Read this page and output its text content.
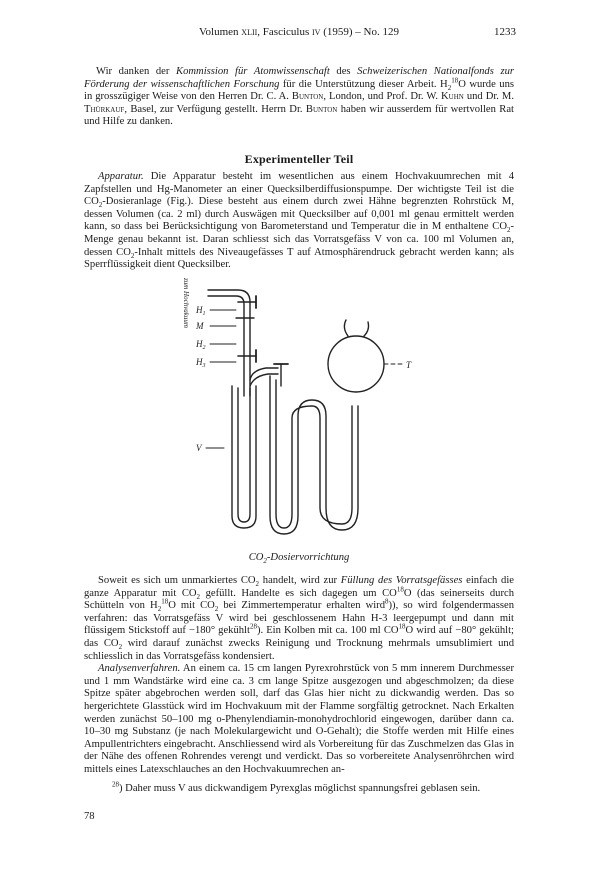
Volumen xlii, Fasciculus iv (1959) – No. 129	1233

Wir danken der Kommission für Atomwissenschaft des Schweizerischen Nationalfonds zur Förderung der wissenschaftlichen Forschung für die Unterstützung dieser Arbeit. $H_2^{18}O$ wurde uns in grosszügiger Weise von den Herren Dr. C. A. Bunton, London, und Prof. Dr. W. Kuhn und Dr. M. Thürkauf, Basel, zur Verfügung gestellt. Herrn Dr. Bunton haben wir ausserdem für wertvollen Rat und Hilfe zu danken.

Experimenteller Teil

Apparatur. Die Apparatur besteht im wesentlichen aus einem Hochvakuumrechen mit 4 Zapfstellen und Hg-Manometer an einer Quecksilberdiffusionspumpe. Der wichtigste Teil ist die $CO_2$-Dosieranlage (Fig.). Diese besteht aus einem durch zwei Hähne begrenzten Rohrstück M, dessen Volumen (ca. 2 ml) durch Auswägen mit Quecksilber auf 0,001 ml genau ermittelt werden kann, so dass bei Berücksichtigung von Barometerstand und Temperatur die in M enthaltene $CO_2$-Menge genau bekannt ist. Daran schliesst sich das Vorratsgefäss V von ca. 100 ml Volumen an, dessen $CO_2$-Inhalt mittels des Niveaugefässes T auf Atmosphärendruck gebracht werden kann; als Sperrflüssigkeit dient Quecksilber.

zum Hochvakuum $H_1$
M
$H_2$
$H_3$
V
T
$CO_2$-Dosiervorrichtung

Soweit es sich um unmarkiertes $CO_2$ handelt, wird zur Füllung des Vorratsgefässes einfach die ganze Apparatur mit $CO_2$ gefüllt. Handelte es sich dagegen um CO$^{18}$O (das seinerseits durch Schütteln von $H_2^{18}O$ mit $CO_2$ bei Zimmertemperatur erhalten wird$^8$)), so wird folgendermassen verfahren: das Vorratsgefäss V wird bei geschlossenem Hahn H-3 leergepumpt und dann mit flüssigem Stickstoff auf −180° gekühlt$^{28}$). Ein Kolben mit ca. 100 ml CO$^{18}$O wird auf −80° gekühlt; das $CO_2$ wird darauf zunächst zwecks Reinigung und Trocknung mehrmals umsublimiert und schliesslich in das Vorratsgefäss kondensiert.

Analysenverfahren. An einem ca. 15 cm langen Pyrexrohrstück von 5 mm innerem Durchmesser und 1 mm Wandstärke wird eine ca. 3 cm lange Spitze ausgezogen und abgeschmolzen; da diese Spitze später abgebrochen werden soll, darf das Glas hier nicht zu dickwandig werden. Das so hergerichtete Glasstück wird im Hochvakuum mit der Flamme sorgfältig getrocknet. Nach Erkalten werden zunächst 50–100 mg o-Phenylendiamin-monohydrochlorid eingewogen, darüber dann ca. 10–30 mg Substanz (je nach Molekulargewicht und O-Gehalt); die Stoffe werden mit Hilfe eines Ampullentrichters eingebracht. Anschliessend wird als Vorbereitung für das Zuschmelzen das Glas in der Nähe des offenen Rohrendes verengt und verdickt. Das so vorbereitete Analysenröhrchen wird mittels eines Latexschlauches an den Hochvakuumrechen an-

$^{28}$) Daher muss V aus dickwandigem Pyrexglas möglichst spannungsfrei geblasen sein.
78
